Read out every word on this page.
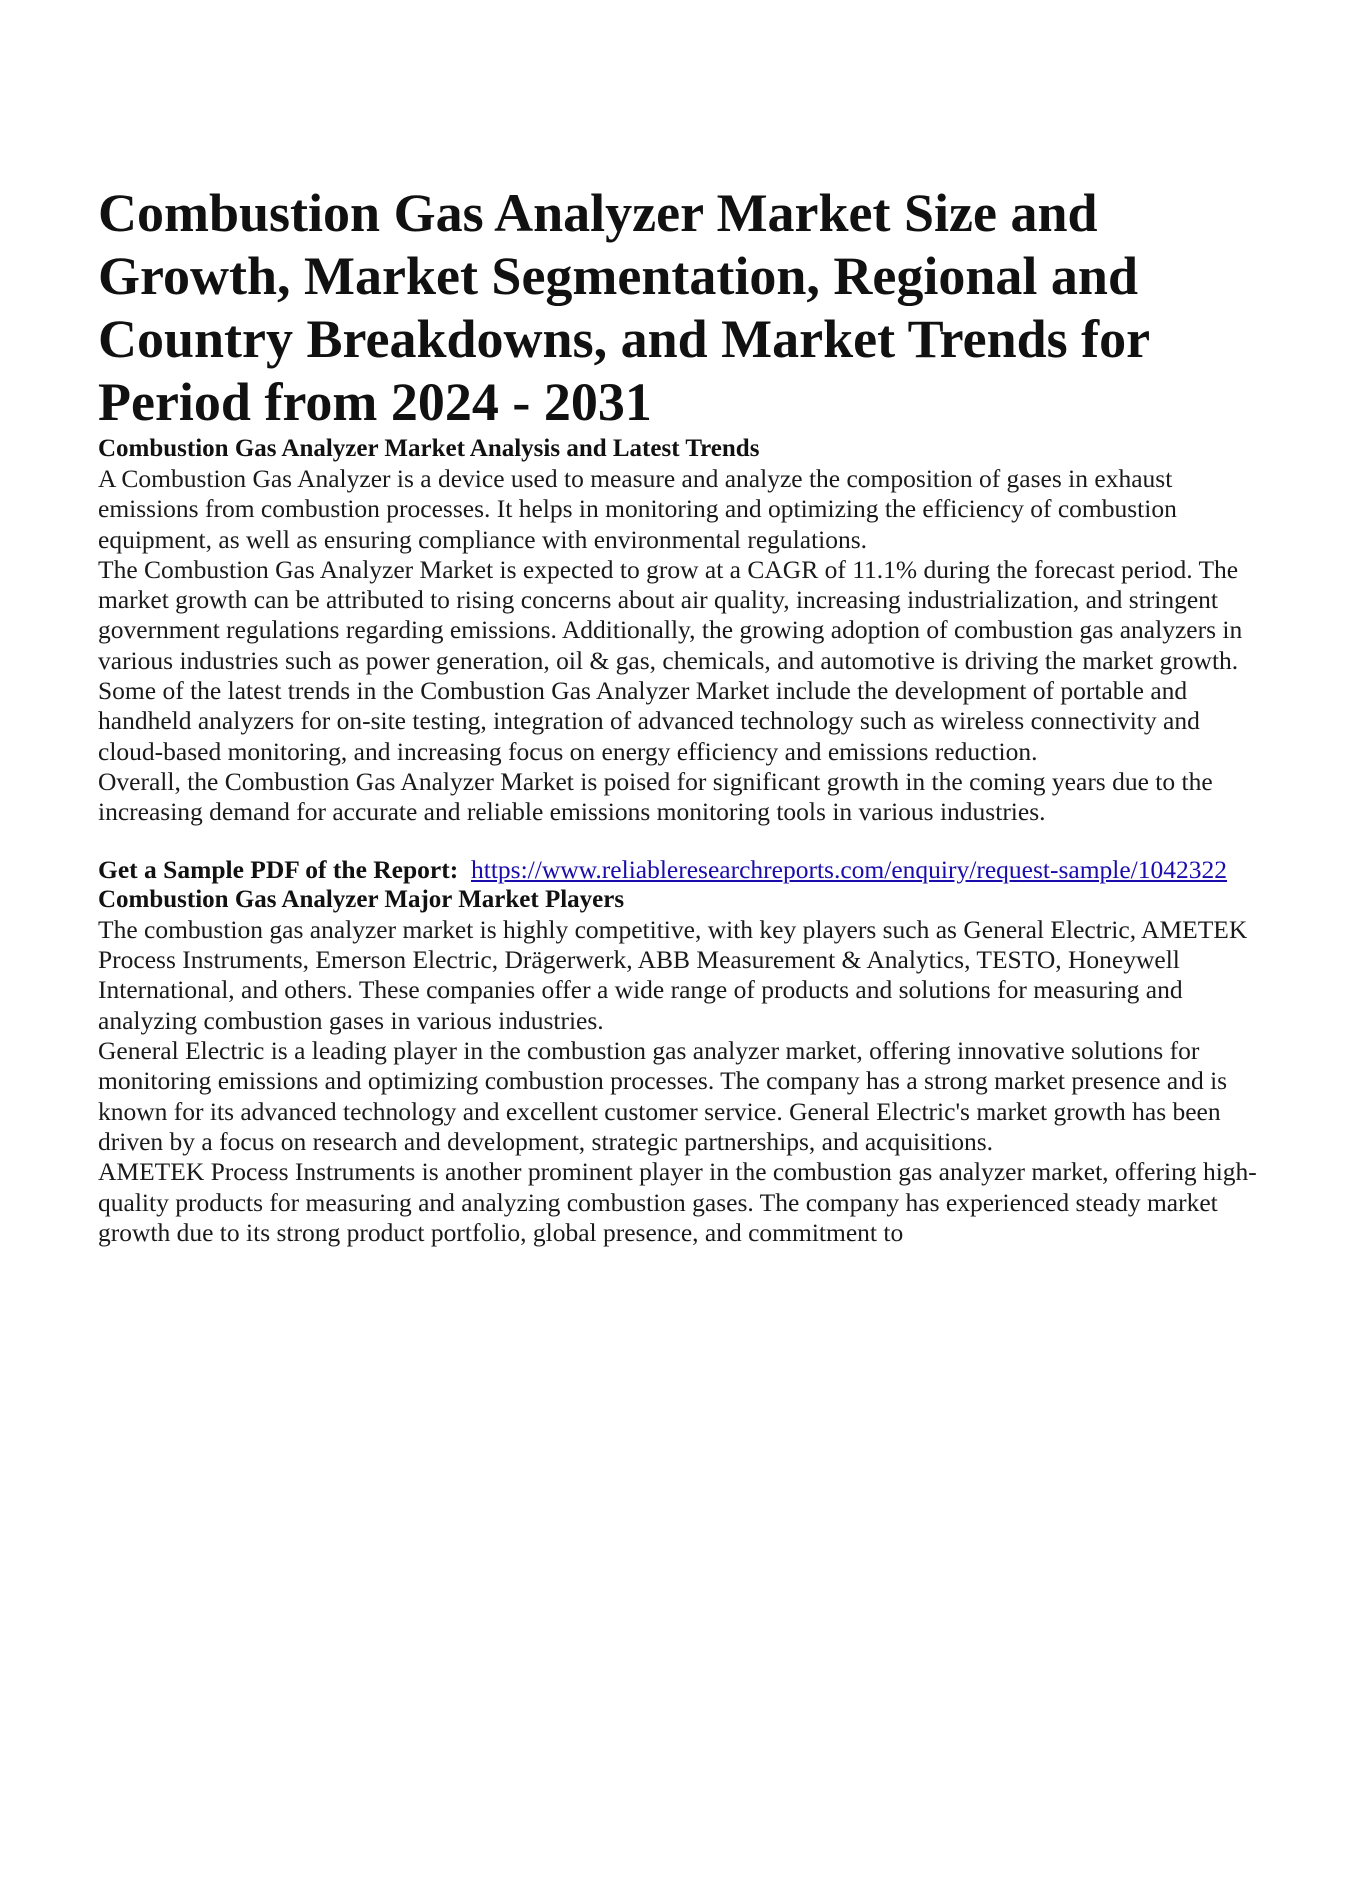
Combustion Gas Analyzer Market Size and Growth, Market Segmentation, Regional and Country Breakdowns, and Market Trends for Period from 2024 - 2031
Combustion Gas Analyzer Market Analysis and Latest Trends

A Combustion Gas Analyzer is a device used to measure and analyze the composition of gases in exhaust emissions from combustion processes. It helps in monitoring and optimizing the efficiency of combustion equipment, as well as ensuring compliance with environmental regulations.

The Combustion Gas Analyzer Market is expected to grow at a CAGR of 11.1% during the forecast period. The market growth can be attributed to rising concerns about air quality, increasing industrialization, and stringent government regulations regarding emissions. Additionally, the growing adoption of combustion gas analyzers in various industries such as power generation, oil & gas, chemicals, and automotive is driving the market growth.

Some of the latest trends in the Combustion Gas Analyzer Market include the development of portable and handheld analyzers for on-site testing, integration of advanced technology such as wireless connectivity and cloud-based monitoring, and increasing focus on energy efficiency and emissions reduction.

Overall, the Combustion Gas Analyzer Market is poised for significant growth in the coming years due to the increasing demand for accurate and reliable emissions monitoring tools in various industries.

Get a Sample PDF of the Report: https://www.reliableresearchreports.com/enquiry/request-sample/1042322
Combustion Gas Analyzer Major Market Players

The combustion gas analyzer market is highly competitive, with key players such as General Electric, AMETEK Process Instruments, Emerson Electric, Drägerwerk, ABB Measurement & Analytics, TESTO, Honeywell International, and others. These companies offer a wide range of products and solutions for measuring and analyzing combustion gases in various industries.

General Electric is a leading player in the combustion gas analyzer market, offering innovative solutions for monitoring emissions and optimizing combustion processes. The company has a strong market presence and is known for its advanced technology and excellent customer service. General Electric's market growth has been driven by a focus on research and development, strategic partnerships, and acquisitions.

AMETEK Process Instruments is another prominent player in the combustion gas analyzer market, offering high-quality products for measuring and analyzing combustion gases. The company has experienced steady market growth due to its strong product portfolio, global presence, and commitment to
